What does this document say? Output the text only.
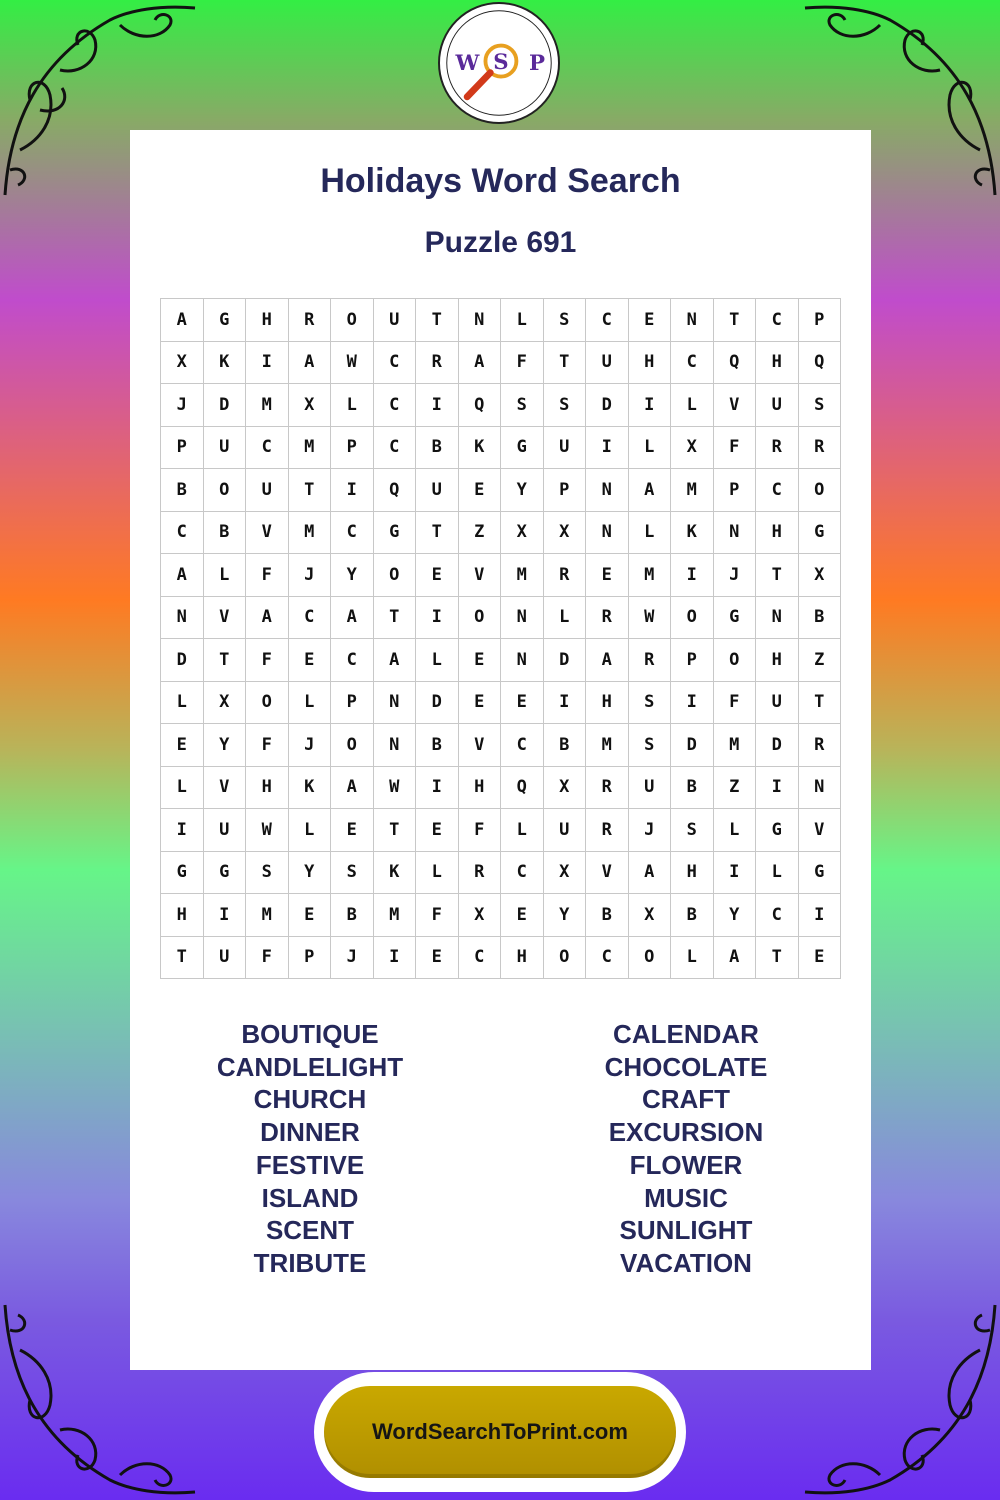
W S P
Holidays Word Search
Puzzle 691
A	G	H	R	O	U	T	N	L	S	C	E	N	T	C	P
X	K	I	A	W	C	R	A	F	T	U	H	C	Q	H	Q
J	D	M	X	L	C	I	Q	S	S	D	I	L	V	U	S
P	U	C	M	P	C	B	K	G	U	I	L	X	F	R	R
B	O	U	T	I	Q	U	E	Y	P	N	A	M	P	C	O
C	B	V	M	C	G	T	Z	X	X	N	L	K	N	H	G
A	L	F	J	Y	O	E	V	M	R	E	M	I	J	T	X
N	V	A	C	A	T	I	O	N	L	R	W	O	G	N	B
D	T	F	E	C	A	L	E	N	D	A	R	P	O	H	Z
L	X	O	L	P	N	D	E	E	I	H	S	I	F	U	T
E	Y	F	J	O	N	B	V	C	B	M	S	D	M	D	R
L	V	H	K	A	W	I	H	Q	X	R	U	B	Z	I	N
I	U	W	L	E	T	E	F	L	U	R	J	S	L	G	V
G	G	S	Y	S	K	L	R	C	X	V	A	H	I	L	G
H	I	M	E	B	M	F	X	E	Y	B	X	B	Y	C	I
T	U	F	P	J	I	E	C	H	O	C	O	L	A	T	E
BOUTIQUE
CANDLELIGHT
CHURCH
DINNER
FESTIVE
ISLAND
SCENT
TRIBUTE
CALENDAR
CHOCOLATE
CRAFT
EXCURSION
FLOWER
MUSIC
SUNLIGHT
VACATION
WordSearchToPrint.com
